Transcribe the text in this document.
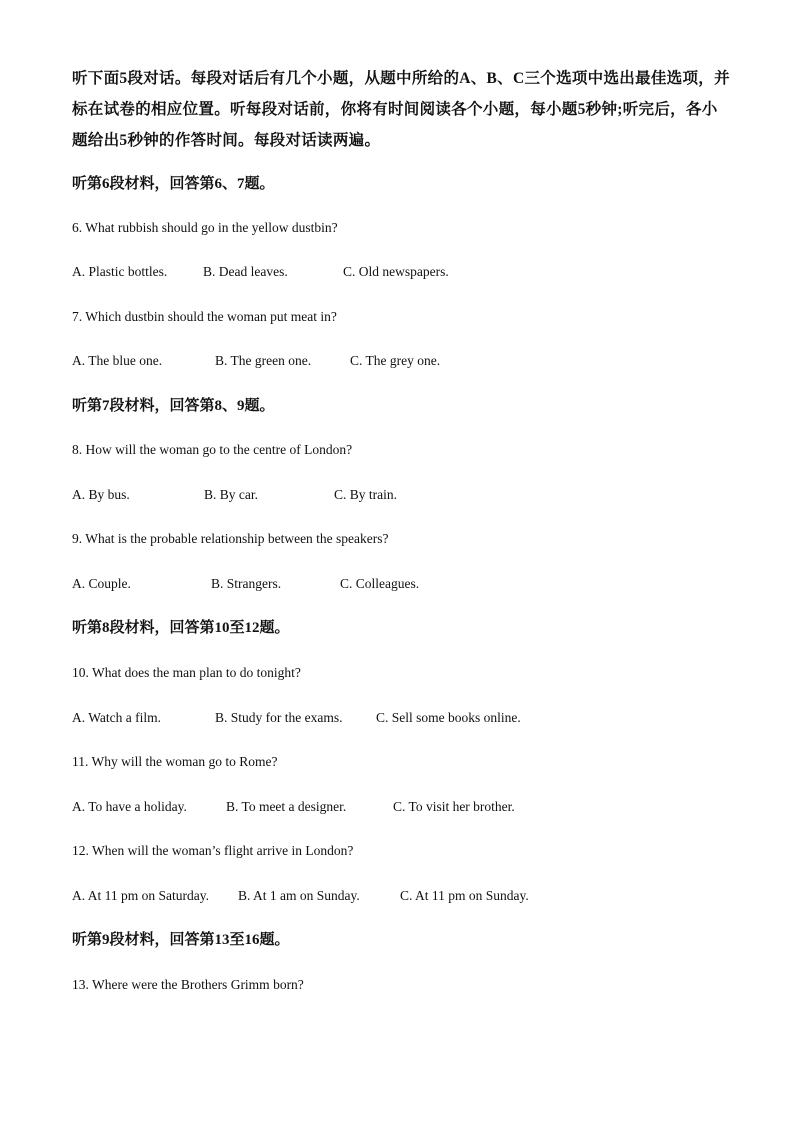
听下面5段对话。每段对话后有几个小题，从题中所给的A、B、C三个选项中选出最佳选项，并标在试卷的相应位置。听每段对话前，你将有时间阅读各个小题，每小题5秒钟;听完后，各小题给出5秒钟的作答时间。每段对话读两遍。
听第6段材料，回答第6、7题。
6. What rubbish should go in the yellow dustbin?
A. Plastic bottles.	B. Dead leaves.	C. Old newspapers.
7. Which dustbin should the woman put meat in?
A. The blue one.	B. The green one.	C. The grey one.
听第7段材料，回答第8、9题。
8. How will the woman go to the centre of London?
A. By bus.	B. By car.	C. By train.
9. What is the probable relationship between the speakers?
A. Couple.	B. Strangers.	C. Colleagues.
听第8段材料，回答第10至12题。
10. What does the man plan to do tonight?
A. Watch a film.	B. Study for the exams. C. Sell some books online.
11. Why will the woman go to Rome?
A. To have a holiday.	B. To meet a designer.	C. To visit her brother.
12. When will the woman’s flight arrive in London?
A. At 11 pm on Saturday. B. At 1 am on Sunday.	C. At 11 pm on Sunday.
听第9段材料，回答第13至16题。
13. Where were the Brothers Grimm born?
